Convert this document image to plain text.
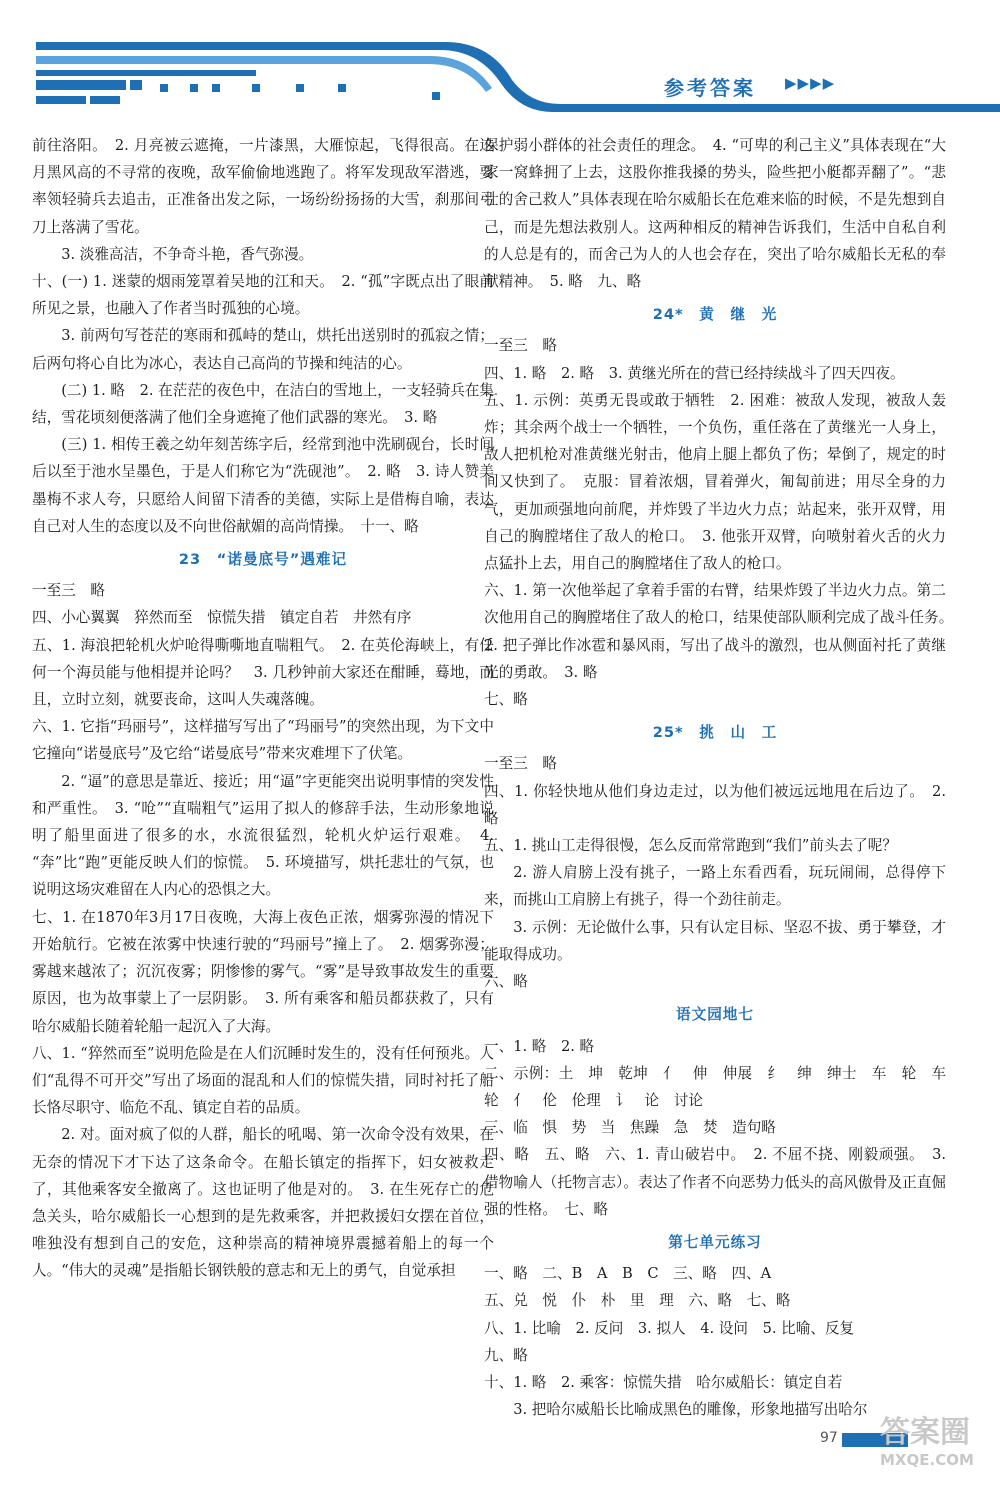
参考答案	▶▶▶▶

前往洛阳。　2. 月亮被云遮掩，一片漆黑，大雁惊起，飞得很高。在这月黑风高的不寻常的夜晚，敌军偷偷地逃跑了。将军发现敌军潜逃，要率领轻骑兵去追击，正准备出发之际，一场纷纷扬扬的大雪，刹那间弓刀上落满了雪花。

3. 淡雅高洁，不争奇斗艳，香气弥漫。

十、(一) 1. 迷蒙的烟雨笼罩着吴地的江和天。　2. “孤”字既点出了眼前所见之景，也融入了作者当时孤独的心境。

3. 前两句写苍茫的寒雨和孤峙的楚山，烘托出送别时的孤寂之情；后两句将心自比为冰心，表达自己高尚的节操和纯洁的心。

(二) 1. 略　2. 在茫茫的夜色中，在洁白的雪地上，一支轻骑兵在集结，雪花顷刻便落满了他们全身遮掩了他们武器的寒光。　3. 略

(三) 1. 相传王羲之幼年刻苦练字后，经常到池中洗刷砚台，长时间后以至于池水呈墨色，于是人们称它为“洗砚池”。　2. 略　3. 诗人赞美墨梅不求人夸，只愿给人间留下清香的美德，实际上是借梅自喻，表达自己对人生的态度以及不向世俗献媚的高尚情操。　十一、略

23　“诺曼底号”遇难记

一至三　略

四、小心翼翼　猝然而至　惊慌失措　镇定自若　井然有序

五、1. 海浪把轮机火炉呛得嘶嘶地直喘粗气。　2. 在英伦海峡上，有任何一个海员能与他相提并论吗？　3. 几秒钟前大家还在酣睡，蓦地，而且，立时立刻，就要丧命，这叫人失魂落魄。

六、1. 它指“玛丽号”，这样描写写出了“玛丽号”的突然出现，为下文中它撞向“诺曼底号”及它给“诺曼底号”带来灾难埋下了伏笔。

2. “逼”的意思是靠近、接近；用“逼”字更能突出说明事情的突发性和严重性。　3. “呛”“直喘粗气”运用了拟人的修辞手法，生动形象地说明了船里面进了很多的水，水流很猛烈，轮机火炉运行艰难。　4. “奔”比“跑”更能反映人们的惊慌。　5. 环境描写，烘托悲壮的气氛，也说明这场灾难留在人内心的恐惧之大。

七、1. 在1870年3月17日夜晚，大海上夜色正浓，烟雾弥漫的情况下开始航行。它被在浓雾中快速行驶的“玛丽号”撞上了。　2. 烟雾弥漫；雾越来越浓了；沉沉夜雾；阴惨惨的雾气。“雾”是导致事故发生的重要原因，也为故事蒙上了一层阴影。　3. 所有乘客和船员都获救了，只有哈尔威船长随着轮船一起沉入了大海。

八、1. “猝然而至”说明危险是在人们沉睡时发生的，没有任何预兆。人们“乱得不可开交”写出了场面的混乱和人们的惊慌失措，同时衬托了船长恪尽职守、临危不乱、镇定自若的品质。

2. 对。面对疯了似的人群，船长的吼喝、第一次命令没有效果，在无奈的情况下才下达了这条命令。在船长镇定的指挥下，妇女被救走了，其他乘客安全撤离了。这也证明了他是对的。　3. 在生死存亡的危急关头，哈尔威船长一心想到的是先救乘客，并把救援妇女摆在首位，唯独没有想到自己的安危，这种崇高的精神境界震撼着船上的每一个人。“伟大的灵魂”是指船长钢铁般的意志和无上的勇气，自觉承担

保护弱小群体的社会责任的理念。　4. “可卑的利己主义”具体表现在“大家一窝蜂拥了上去，这股你推我搡的势头，险些把小艇都弄翻了”。“悲壮的舍己救人”具体表现在哈尔威船长在危难来临的时候，不是先想到自己，而是先想法救别人。这两种相反的精神告诉我们，生活中自私自利的人总是有的，而舍己为人的人也会存在，突出了哈尔威船长无私的奉献精神。　5. 略　九、略

24*　黄　继　光

一至三　略

四、1. 略　2. 略　3. 黄继光所在的营已经持续战斗了四天四夜。

五、1. 示例：英勇无畏或敢于牺牲　2. 困难：被敌人发现，被敌人轰炸；其余两个战士一个牺牲，一个负伤，重任落在了黄继光一人身上，敌人把机枪对准黄继光射击，他肩上腿上都负了伤；晕倒了，规定的时间又快到了。　克服：冒着浓烟，冒着弹火，匍匐前进；用尽全身的力气，更加顽强地向前爬，并炸毁了半边火力点；站起来，张开双臂，用自己的胸膛堵住了敌人的枪口。　3. 他张开双臂，向喷射着火舌的火力点猛扑上去，用自己的胸膛堵住了敌人的枪口。

六、1. 第一次他举起了拿着手雷的右臂，结果炸毁了半边火力点。第二次他用自己的胸膛堵住了敌人的枪口，结果使部队顺利完成了战斗任务。　2. 把子弹比作冰雹和暴风雨，写出了战斗的激烈，也从侧面衬托了黄继光的勇敢。　3. 略

七、略

25*　挑　山　工

一至三　略

四、1. 你轻快地从他们身边走过，以为他们被远远地甩在后边了。　2. 略

五、1. 挑山工走得很慢，怎么反而常常跑到“我们”前头去了呢？

2. 游人肩膀上没有挑子，一路上东看西看，玩玩闹闹，总得停下来，而挑山工肩膀上有挑子，得一个劲往前走。

3. 示例：无论做什么事，只有认定目标、坚忍不拔、勇于攀登，才能取得成功。

六、略

语文园地七

一、1. 略　2. 略

二、示例：土　坤　乾坤　亻　伸　伸展　纟　绅　绅士　车　轮　车轮　亻　伦　伦理　讠　论　讨论

三、临　惧　势　当　焦躁　急　焚　造句略

四、略　五、略　六、1. 青山破岩中。　2. 不屈不挠、刚毅顽强。　3. 借物喻人（托物言志）。表达了作者不向恶势力低头的高风傲骨及正直倔强的性格。　七、略

第七单元练习

一、略　二、B　A　B　C　三、略　四、A

五、兑　悦　仆　朴　里　理　六、略　七、略

八、1. 比喻　2. 反问　3. 拟人　4. 设问　5. 比喻、反复

九、略

十、1. 略　2. 乘客：惊慌失措　哈尔威船长：镇定自若

3. 把哈尔威船长比喻成黑色的雕像，形象地描写出哈尔

97 答案圈
MXQE.COM
